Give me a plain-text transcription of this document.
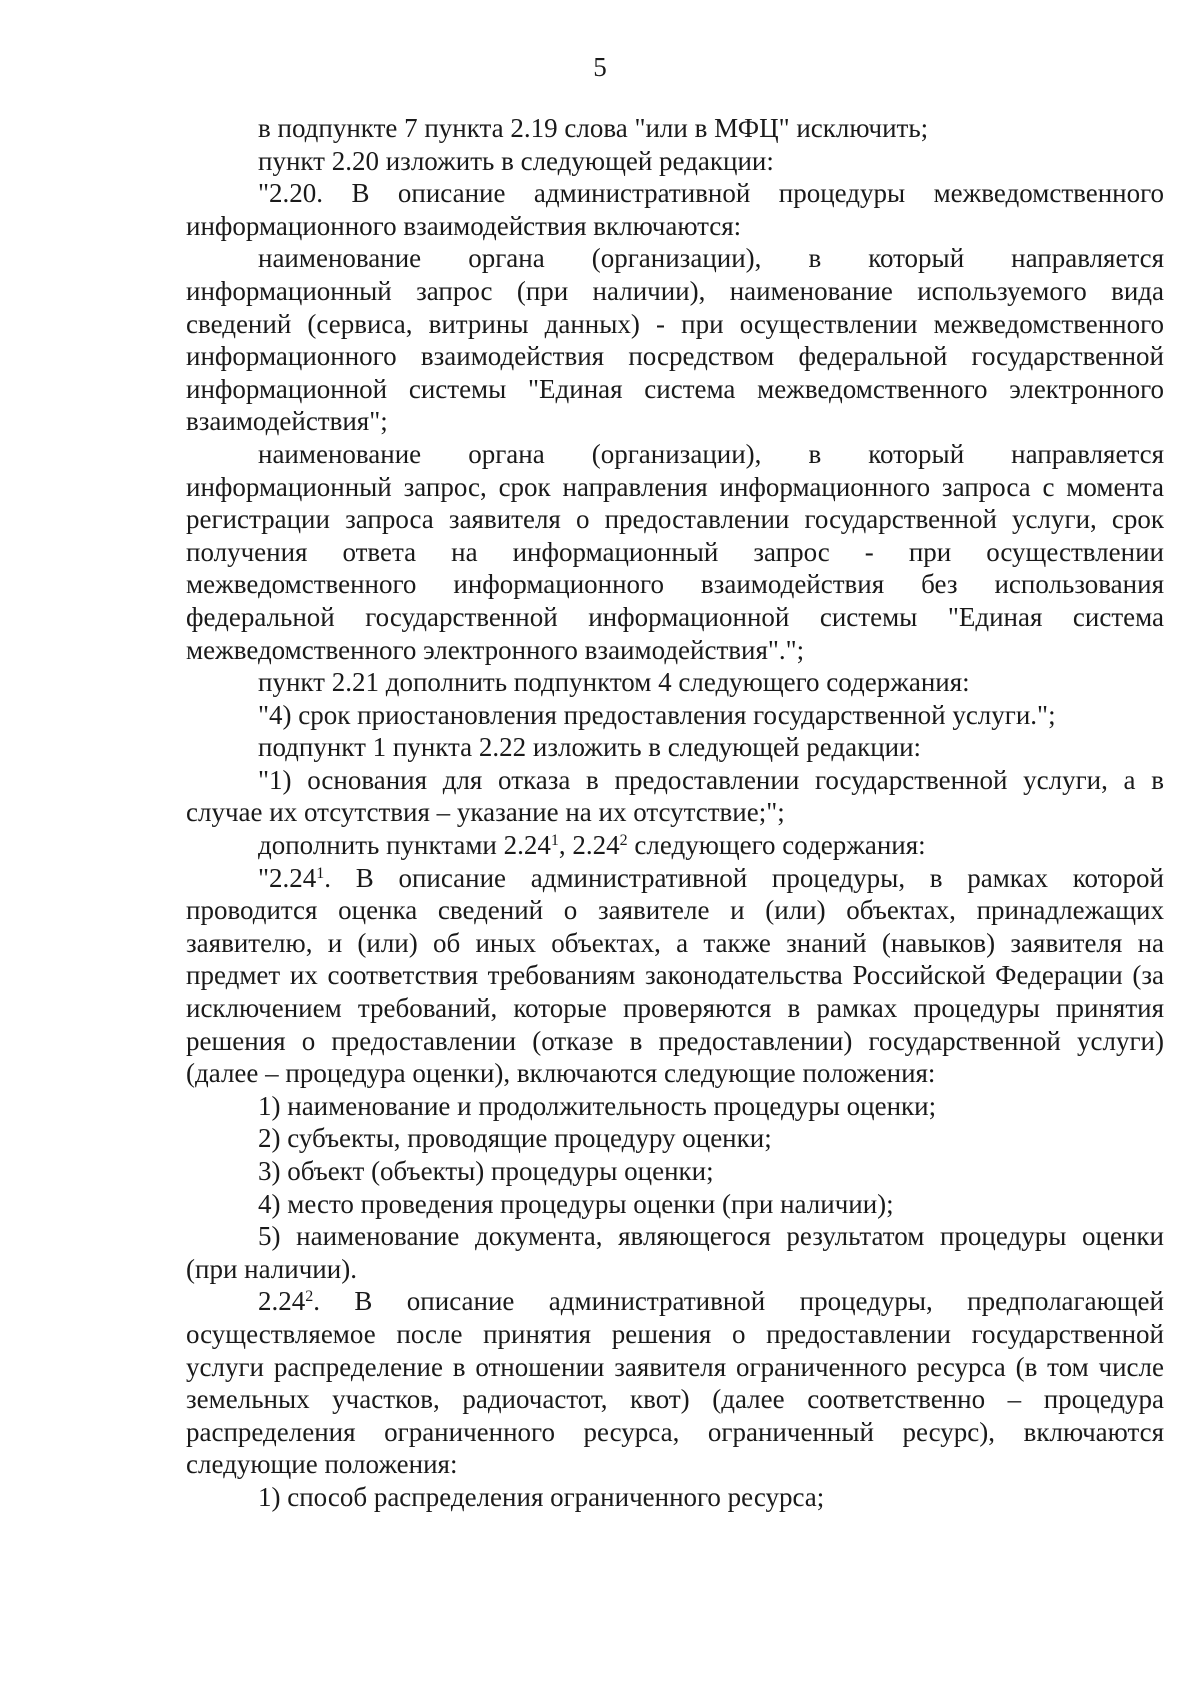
5

в подпункте 7 пункта 2.19 слова "или в МФЦ" исключить;

пункт 2.20 изложить в следующей редакции:

"2.20. В описание административной процедуры межведомственного информационного взаимодействия включаются:

наименование органа (организации), в который направляется информационный запрос (при наличии), наименование используемого вида сведений (сервиса, витрины данных) - при осуществлении межведомственного информационного взаимодействия посредством федеральной государственной информационной системы "Единая система межведомственного электронного взаимодействия";

наименование органа (организации), в который направляется информационный запрос, срок направления информационного запроса с момента регистрации запроса заявителя о предоставлении государственной услуги, срок получения ответа на информационный запрос - при осуществлении межведомственного информационного взаимодействия без использования федеральной государственной информационной системы "Единая система межведомственного электронного взаимодействия".";

пункт 2.21 дополнить подпунктом 4 следующего содержания:

"4) срок приостановления предоставления государственной услуги.";

подпункт 1 пункта 2.22 изложить в следующей редакции:

"1) основания для отказа в предоставлении государственной услуги, а в случае их отсутствия – указание на их отсутствие;";

дополнить пунктами 2.24$^1$, 2.24$^2$ следующего содержания:

"2.24$^1$. В описание административной процедуры, в рамках которой проводится оценка сведений о заявителе и (или) объектах, принадлежащих заявителю, и (или) об иных объектах, а также знаний (навыков) заявителя на предмет их соответствия требованиям законодательства Российской Федерации (за исключением требований, которые проверяются в рамках процедуры принятия решения о предоставлении (отказе в предоставлении) государственной услуги) (далее – процедура оценки), включаются следующие положения:

1) наименование и продолжительность процедуры оценки;

2) субъекты, проводящие процедуру оценки;

3) объект (объекты) процедуры оценки;

4) место проведения процедуры оценки (при наличии);

5) наименование документа, являющегося результатом процедуры оценки (при наличии).

2.24$^2$. В описание административной процедуры, предполагающей осуществляемое после принятия решения о предоставлении государственной услуги распределение в отношении заявителя ограниченного ресурса (в том числе земельных участков, радиочастот, квот) (далее соответственно – процедура распределения ограниченного ресурса, ограниченный ресурс), включаются следующие положения:

1) способ распределения ограниченного ресурса;
